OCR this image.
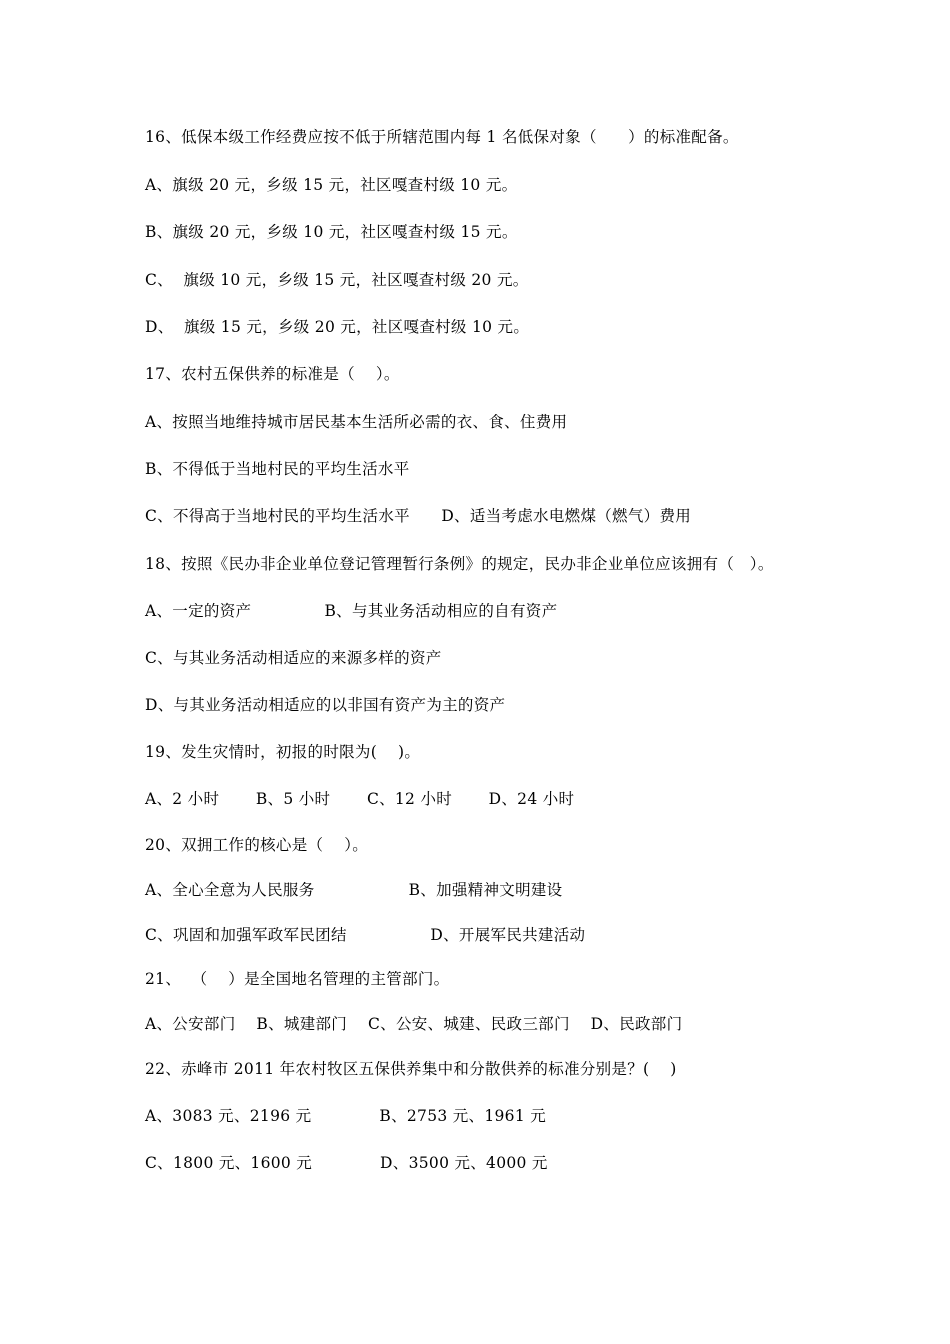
16、低保本级工作经费应按不低于所辖范围内每 1 名低保对象（      ）的标准配备。
A、旗级 20 元，乡级 15 元，社区嘎查村级 10 元。
B、旗级 20 元，乡级 10 元，社区嘎查村级 15 元。
C、  旗级 10 元，乡级 15 元，社区嘎查村级 20 元。
D、  旗级 15 元，乡级 20 元，社区嘎查村级 10 元。
17、农村五保供养的标准是（    ）。
A、按照当地维持城市居民基本生活所必需的衣、食、住费用
B、不得低于当地村民的平均生活水平
C、不得高于当地村民的平均生活水平      D、适当考虑水电燃煤（燃气）费用
18、按照《民办非企业单位登记管理暂行条例》的规定，民办非企业单位应该拥有（   ）。
A、一定的资产              B、与其业务活动相应的自有资产
C、与其业务活动相适应的来源多样的资产
D、与其业务活动相适应的以非国有资产为主的资产
19、发生灾情时，初报的时限为(    )。
A、2 小时       B、5 小时       C、12 小时       D、24 小时
20、双拥工作的核心是（    ）。
A、全心全意为人民服务                  B、加强精神文明建设
C、巩固和加强军政军民团结                D、开展军民共建活动
21、  （    ）是全国地名管理的主管部门。
A、公安部门    B、城建部门    C、公安、城建、民政三部门    D、民政部门
22、赤峰市 2011 年农村牧区五保供养集中和分散供养的标准分别是？(    )
A、3083 元、2196 元             B、2753 元、1961 元
C、1800 元、1600 元             D、3500 元、4000 元
